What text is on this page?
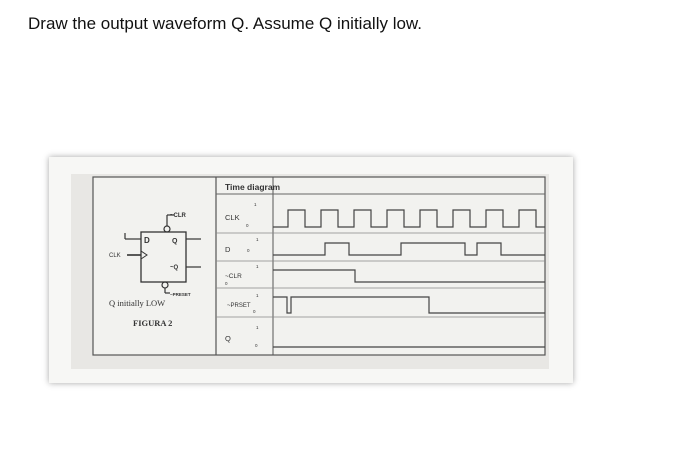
Draw the output waveform Q. Assume Q initially low.
~CLR
D	Q
~Q
CLK
~PRESET
Q initially LOW
FIGURA 2
Time diagram
CLK
1
0
D
1
0
~CLR
1
0
~PRSET
1
0
Q
1
0
